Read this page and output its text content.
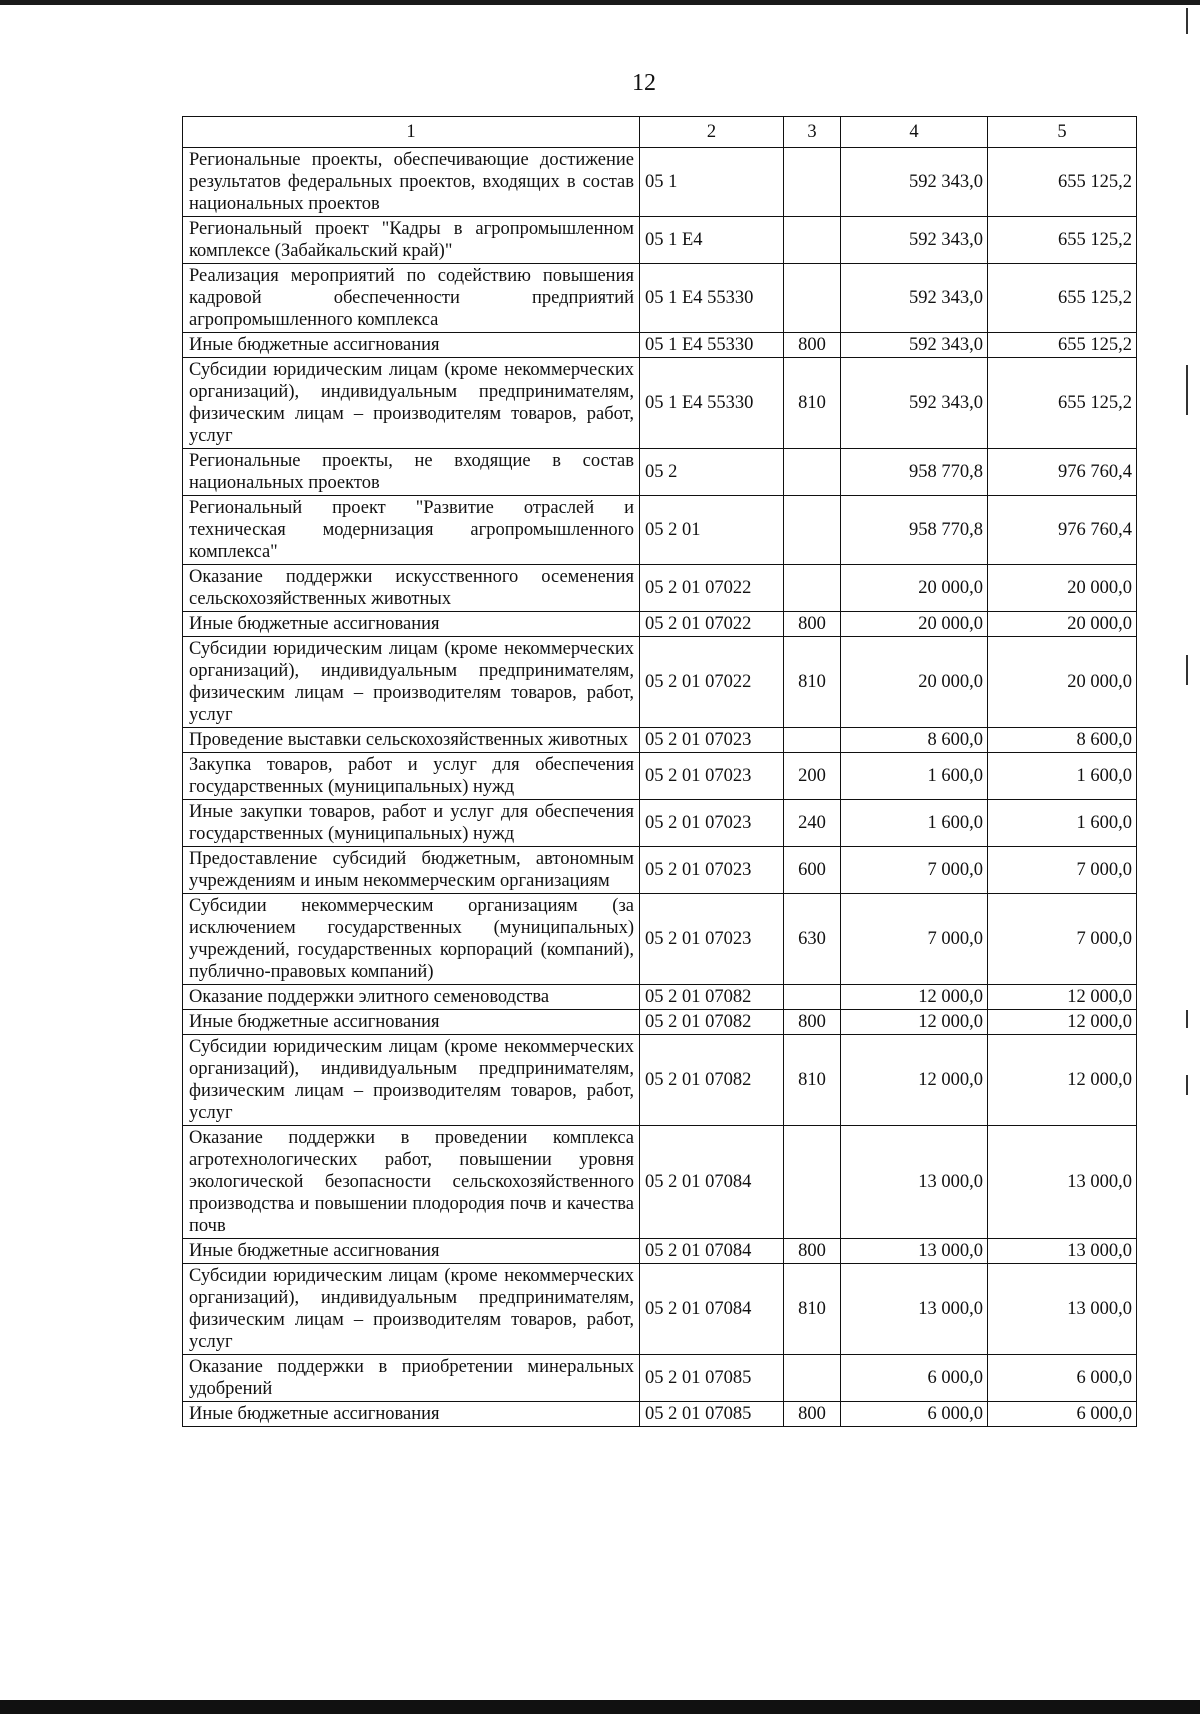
12
1	2	3	4	5
Региональные проекты, обеспечивающие достижение результатов федеральных проектов, входящих в состав национальных проектов	05 1		592 343,0	655 125,2
Региональный проект "Кадры в агропромышленном комплексе (Забайкальский край)"	05 1 E4		592 343,0	655 125,2
Реализация мероприятий по содействию повышения кадровой обеспеченности предприятий агропромышленного комплекса	05 1 E4 55330		592 343,0	655 125,2
Иные бюджетные ассигнования	05 1 E4 55330	800	592 343,0	655 125,2
Субсидии юридическим лицам (кроме некоммерческих организаций), индивидуальным предпринимателям, физическим лицам – производителям товаров, работ, услуг	05 1 E4 55330	810	592 343,0	655 125,2
Региональные проекты, не входящие в состав национальных проектов	05 2		958 770,8	976 760,4
Региональный проект "Развитие отраслей и техническая модернизация агропромышленного комплекса"	05 2 01		958 770,8	976 760,4
Оказание поддержки искусственного осеменения сельскохозяйственных животных	05 2 01 07022		20 000,0	20 000,0
Иные бюджетные ассигнования	05 2 01 07022	800	20 000,0	20 000,0
Субсидии юридическим лицам (кроме некоммерческих организаций), индивидуальным предпринимателям, физическим лицам – производителям товаров, работ, услуг	05 2 01 07022	810	20 000,0	20 000,0
Проведение выставки сельскохозяйственных животных	05 2 01 07023		8 600,0	8 600,0
Закупка товаров, работ и услуг для обеспечения государственных (муниципальных) нужд	05 2 01 07023	200	1 600,0	1 600,0
Иные закупки товаров, работ и услуг для обеспечения государственных (муниципальных) нужд	05 2 01 07023	240	1 600,0	1 600,0
Предоставление субсидий бюджетным, автономным учреждениям и иным некоммерческим организациям	05 2 01 07023	600	7 000,0	7 000,0
Субсидии некоммерческим организациям (за исключением государственных (муниципальных) учреждений, государственных корпораций (компаний), публично-правовых компаний)	05 2 01 07023	630	7 000,0	7 000,0
Оказание поддержки элитного семеноводства	05 2 01 07082		12 000,0	12 000,0
Иные бюджетные ассигнования	05 2 01 07082	800	12 000,0	12 000,0
Субсидии юридическим лицам (кроме некоммерческих организаций), индивидуальным предпринимателям, физическим лицам – производителям товаров, работ, услуг	05 2 01 07082	810	12 000,0	12 000,0
Оказание поддержки в проведении комплекса агротехнологических работ, повышении уровня экологической безопасности сельскохозяйственного производства и повышении плодородия почв и качества почв	05 2 01 07084		13 000,0	13 000,0
Иные бюджетные ассигнования	05 2 01 07084	800	13 000,0	13 000,0
Субсидии юридическим лицам (кроме некоммерческих организаций), индивидуальным предпринимателям, физическим лицам – производителям товаров, работ, услуг	05 2 01 07084	810	13 000,0	13 000,0
Оказание поддержки в приобретении минеральных удобрений	05 2 01 07085		6 000,0	6 000,0
Иные бюджетные ассигнования	05 2 01 07085	800	6 000,0	6 000,0
